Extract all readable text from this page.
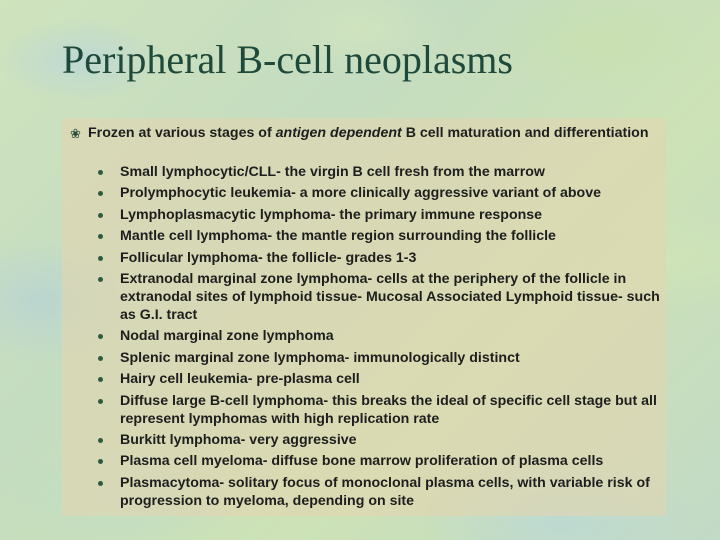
Peripheral B-cell neoplasms
❀ Frozen at various stages of antigen dependent B cell maturation and differentiation
Small lymphocytic/CLL- the virgin B cell fresh from the marrow
Prolymphocytic leukemia- a more clinically aggressive variant of above
Lymphoplasmacytic lymphoma- the primary immune response
Mantle cell lymphoma- the mantle region surrounding the follicle
Follicular lymphoma- the follicle- grades 1-3
Extranodal marginal zone lymphoma- cells at the periphery of the follicle in extranodal sites of lymphoid tissue- Mucosal Associated Lymphoid tissue- such as G.I. tract
Nodal marginal zone lymphoma
Splenic marginal zone lymphoma- immunologically distinct
Hairy cell leukemia- pre-plasma cell
Diffuse large B-cell lymphoma- this breaks the ideal of specific cell stage but all represent lymphomas with high replication rate
Burkitt lymphoma- very aggressive
Plasma cell myeloma- diffuse bone marrow proliferation of plasma cells
Plasmacytoma- solitary focus of monoclonal plasma cells, with variable risk of progression to myeloma, depending on site
